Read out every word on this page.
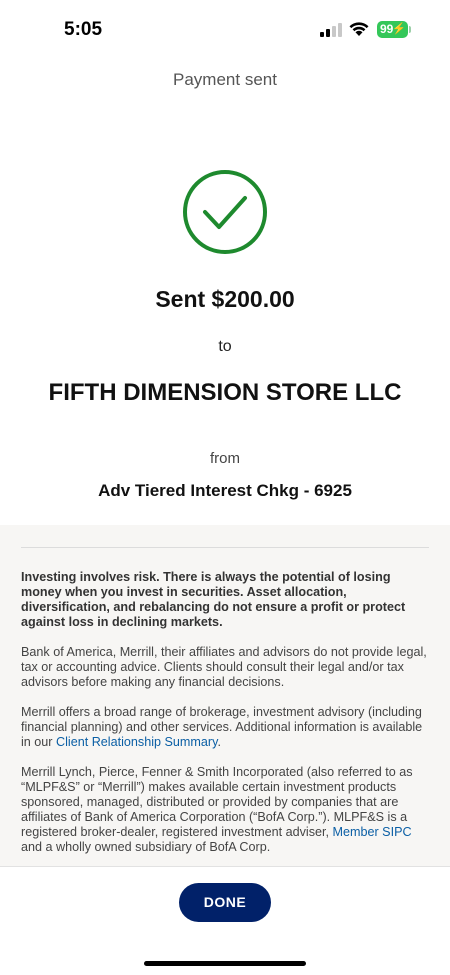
5:05	99
⚡
Payment sent
Sent $200.00
to
FIFTH DIMENSION STORE LLC
from
Adv Tiered Interest Chkg - 6925
Investing involves risk. There is always the potential of losing money when you invest in securities. Asset allocation, diversification, and rebalancing do not ensure a profit or protect against loss in declining markets.
Bank of America, Merrill, their affiliates and advisors do not provide legal, tax or accounting advice. Clients should consult their legal and/or tax advisors before making any financial decisions.
Merrill offers a broad range of brokerage, investment advisory (including financial planning) and other services. Additional information is available in our Client Relationship Summary.
Merrill Lynch, Pierce, Fenner & Smith Incorporated (also referred to as “MLPF&S” or “Merrill”) makes available certain investment products sponsored, managed, distributed or provided by companies that are affiliates of Bank of America Corporation (“BofA Corp.”). MLPF&S is a registered broker-dealer, registered investment adviser, Member SIPC and a wholly owned subsidiary of BofA Corp.
DONE
